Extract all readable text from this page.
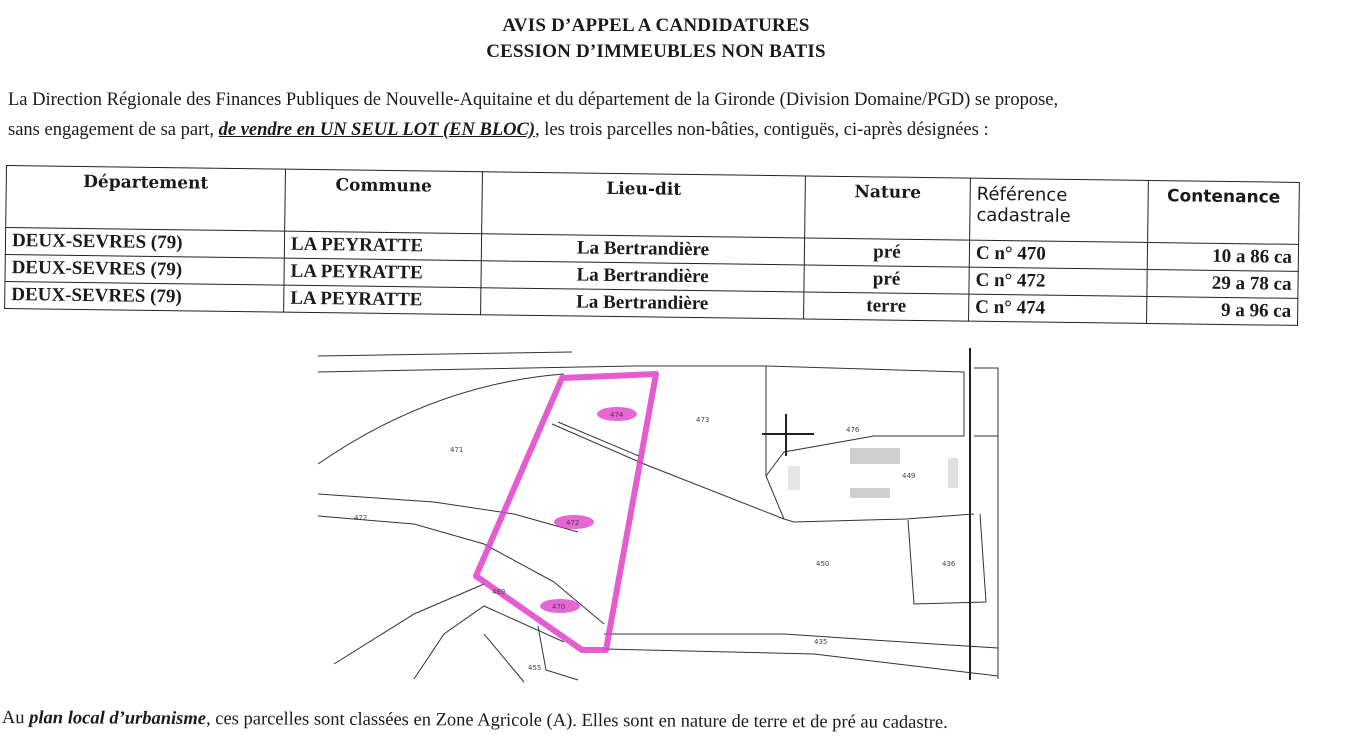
AVIS D’APPEL A CANDIDATURES
CESSION D’IMMEUBLES NON BATIS
La Direction Régionale des Finances Publiques de Nouvelle-Aquitaine et du département de la Gironde (Division Domaine/PGD) se propose,
sans engagement de sa part, de vendre en UN SEUL LOT (EN BLOC), les trois parcelles non-bâties, contiguës, ci-après désignées :
Département	Commune	Lieu-dit	Nature	Référence cadastrale	Contenance
DEUX-SEVRES (79)	LA PEYRATTE	La Bertrandière	pré	C n° 470	10 a 86 ca
DEUX-SEVRES (79)	LA PEYRATTE	La Bertrandière	pré	C n° 472	29 a 78 ca
DEUX-SEVRES (79)	LA PEYRATTE	La Bertrandière	terre	C n° 474	9 a 96 ca
474
472
470
473
471
422
476
449
450	436
435
455
469
Au plan local d’urbanisme, ces parcelles sont classées en Zone Agricole (A). Elles sont en nature de terre et de pré au cadastre.
